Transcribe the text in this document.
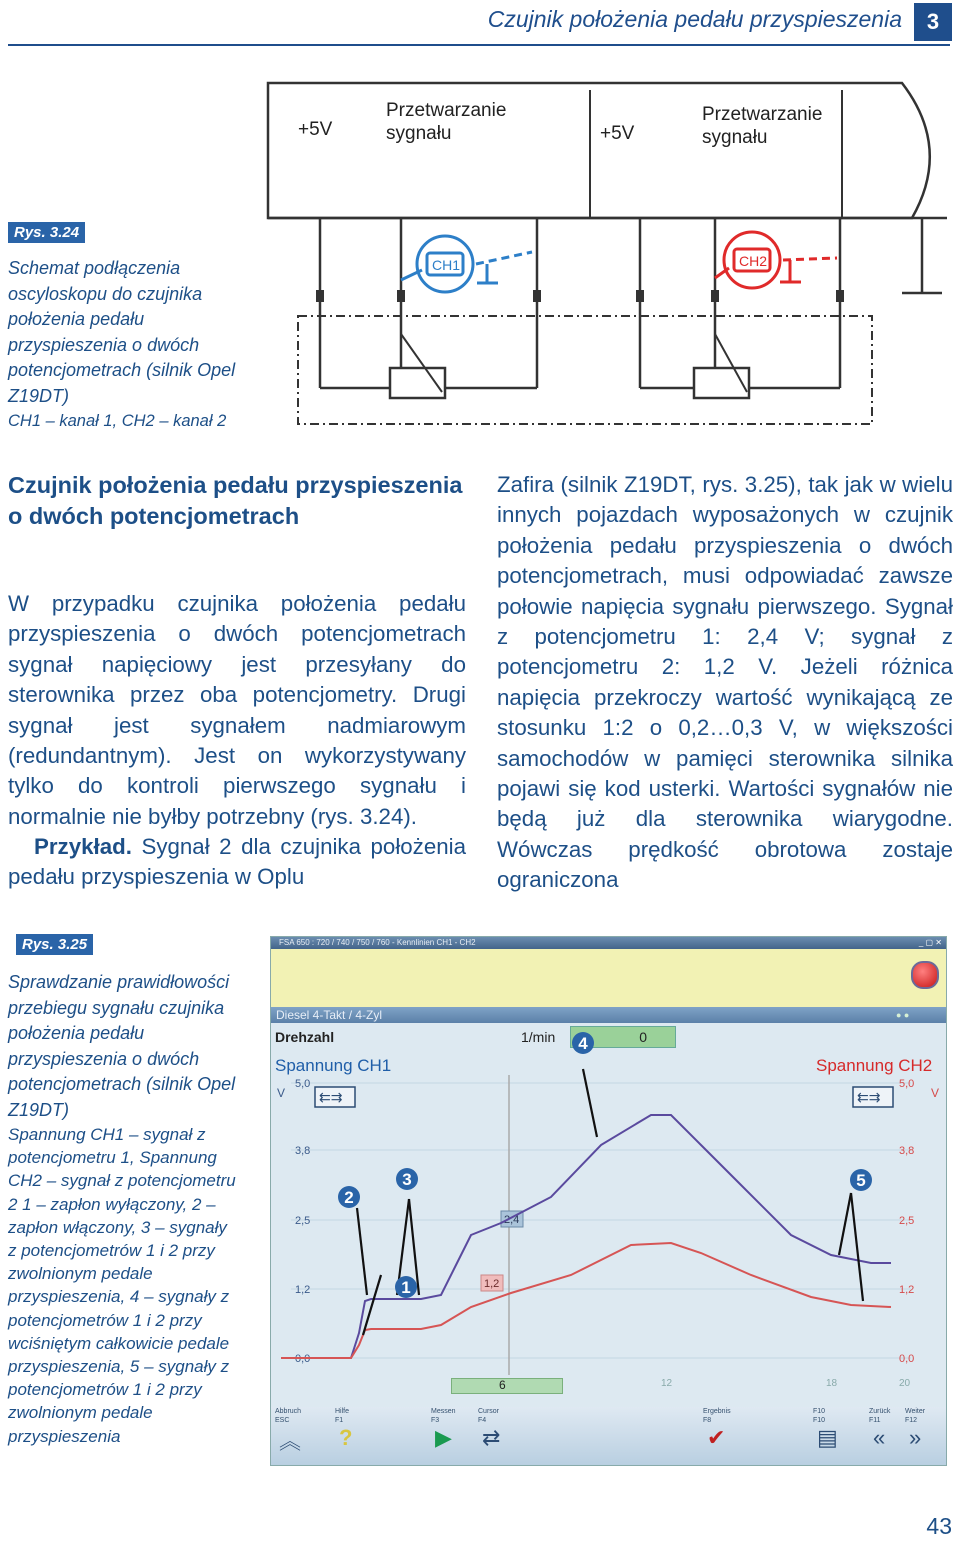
Czujnik położenia pedału przyspieszenia	3
Rys. 3.24
Schemat podłączenia oscyloskopu do czujnika położenia pedału przyspieszenia o dwóch potencjometrach (silnik Opel Z19DT)
CH1 – kanał 1, CH2 – kanał 2
+5V
Przetwarzanie
sygnału	+5V
Przetwarzanie
sygnału
CH1	CH2
Czujnik położenia pedału przyspieszenia o dwóch potencjometrach

W przypadku czujnika położenia pedału przyspieszenia o dwóch potencjometrach sygnał napięciowy jest przesyłany do sterownika przez oba potencjometry. Drugi sygnał jest sygnałem nadmiarowym (redundantnym). Jest on wykorzystywany tylko do kontroli pierwszego sygnału i normalnie nie byłby potrzebny (rys. 3.24).

Przykład. Sygnał 2 dla czujnika położenia pedału przyspieszenia w Oplu

Zafira (silnik Z19DT, rys. 3.25), tak jak w wielu innych pojazdach wyposażonych w czujnik położenia pedału przyspieszenia o dwóch potencjometrach, musi odpowiadać zawsze połowie napięcia sygnału pierwszego. Sygnał z potencjometru 1: 2,4 V; sygnał z potencjometru 2: 1,2 V. Jeżeli różnica napięcia przekroczy wartość wynikającą ze stosunku 1:2 o 0,2…0,3 V, w większości samochodów w pamięci sterownika silnika pojawi się kod usterki. Wartości sygnałów nie będą już dla sterownika wiarygodne. Wówczas prędkość obrotowa zostaje ograniczona

Rys. 3.25
Sprawdzanie prawidłowości przebiegu sygnału czujnika położenia pedału przyspieszenia o dwóch potencjometrach (silnik Opel Z19DT)
Spannung CH1 – sygnał z potencjometru 1, Spannung CH2 – sygnał z potencjometru 2 1 – zapłon wyłączony, 2 – zapłon włączony, 3 – sygnały z potencjometrów 1 i 2 przy zwolnionym pedale przyspieszenia, 4 – sygnały z potencjometrów 1 i 2 przy wciśniętym całkowicie pedale przyspieszenia, 5 – sygnały z potencjometrów 1 i 2 przy zwolnionym pedale przyspieszenia
FSA 650 : 720 / 740 / 750 / 760 - Kennlinien CH1 - CH2	_ ▢ ✕
Diesel 4-Takt / 4-Zyl	● ●
Drehzahl	1/min	0
Spannung CH1	Spannung CH2
5,0
3,8
2,5
1,2
0,0
V
5,0
3,8
2,5
1,2
0,0
V
⇇⇉	⇇⇉
2,4
1,2
1
2
3
4
5
6	12	18	20
Abbruch
ESC
︽
Hilfe
F1
?
Messen
F3
▶
Cursor
F4
⇄
Ergebnis
F8
✔
F10
F10
▤
Zurück
F11
«
Weiter
F12
»
43
